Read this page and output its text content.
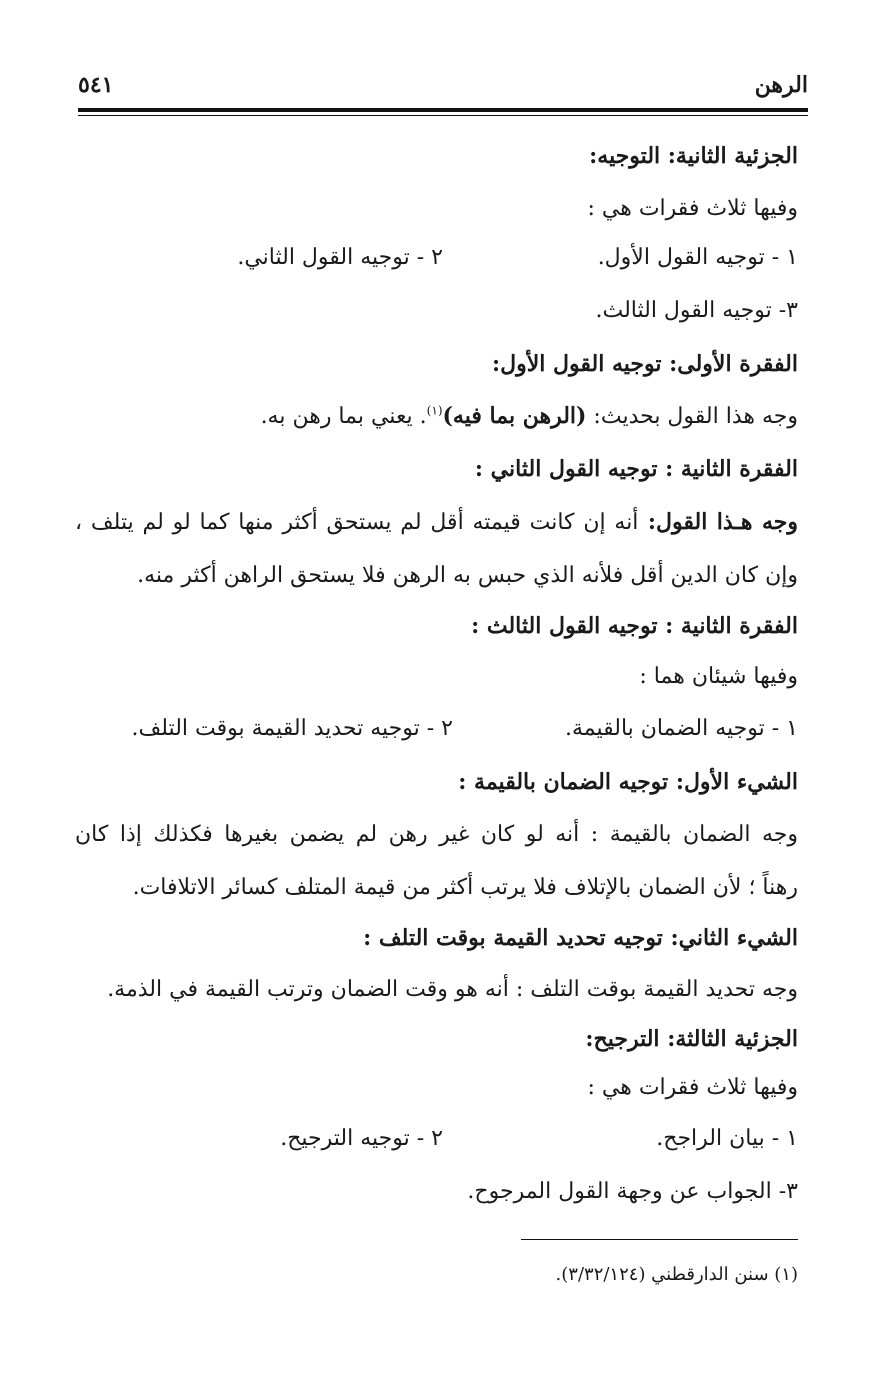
الرهن
٥٤١
الجزئية الثانية: التوجيه:
وفيها ثلاث فقرات هي :
١ - توجيه القول الأول.
٢ - توجيه القول الثاني.
٣- توجيه القول الثالث.
الفقرة الأولى: توجيه القول الأول:
وجه هذا القول بحديث: (الرهن بما فيه)$^{(١)}$. يعني بما رهن به.
الفقرة الثانية : توجيه القول الثاني :
وجه هـذا القول: أنه إن كانت قيمته أقل لم يستحق أكثر منها كما لو لم يتلف ،
وإن كان الدين أقل فلأنه الذي حبس به الرهن فلا يستحق الراهن أكثر منه.
الفقرة الثانية : توجيه القول الثالث :
وفيها شيئان هما :
١ - توجيه الضمان بالقيمة.
٢ - توجيه تحديد القيمة بوقت التلف.
الشيء الأول: توجيه الضمان بالقيمة :
وجه الضمان بالقيمة : أنه لو كان غير رهن لم يضمن بغيرها فكذلك إذا كان
رهناً ؛ لأن الضمان بالإتلاف فلا يرتب أكثر من قيمة المتلف كسائر الاتلافات.
الشيء الثاني: توجيه تحديد القيمة بوقت التلف :
وجه تحديد القيمة بوقت التلف : أنه هو وقت الضمان وترتب القيمة في الذمة.
الجزئية الثالثة: الترجيح:
وفيها ثلاث فقرات هي :
١ - بيان الراجح.
٢ - توجيه الترجيح.
٣- الجواب عن وجهة القول المرجوح.
(١) سنن الدارقطني (٣/٣٢/١٢٤).
